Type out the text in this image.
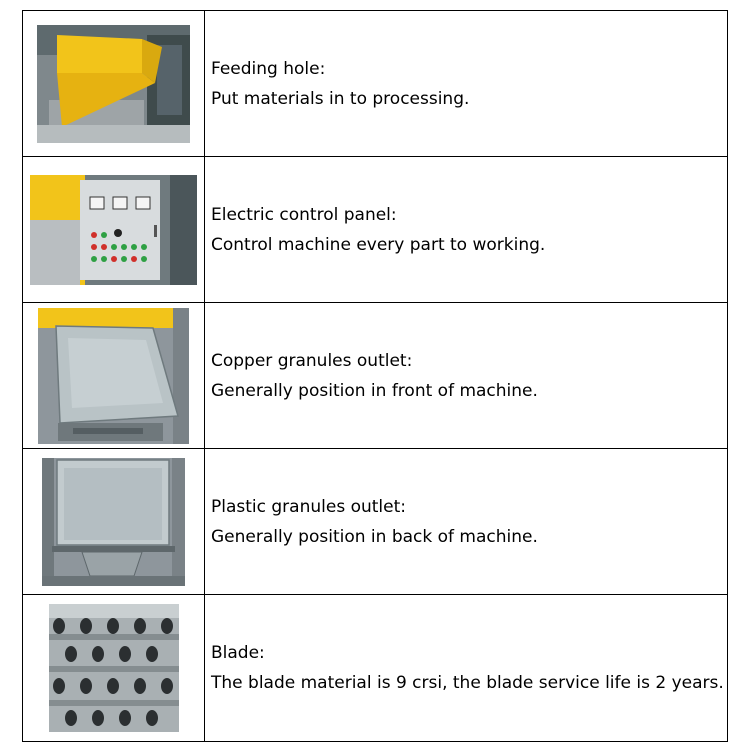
Feeding hole:
Put materials in to processing.

Electric control panel:
Control machine every part to working.

Copper granules outlet:
Generally position in front of machine.

Plastic granules outlet:
Generally position in back of machine.

Blade:
The blade material is 9 crsi, the blade service life is 2 years.
